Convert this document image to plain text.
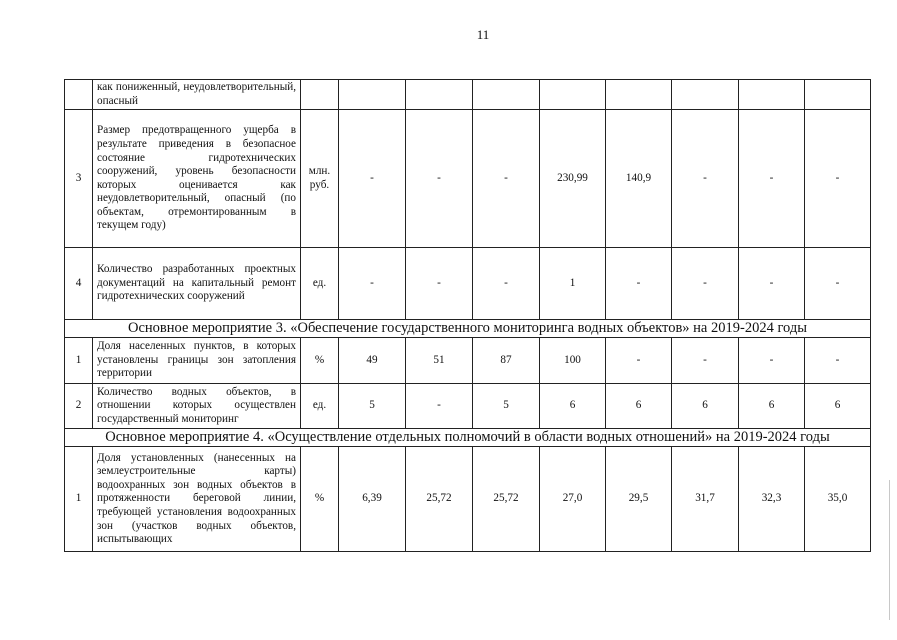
11
	как пониженный, неудовлетворительный, опасный									
3	Размер предотвращенного ущерба в результате приведения в безопасное состояние гидротехнических сооружений, уровень безопасности которых оценивается как неудовлетворительный, опасный (по объектам, отремонтированным в текущем году)	млн. руб.	-	-	-	230,99	140,9	-	-	-
4	Количество разработанных проектных документаций на капитальный ремонт гидротехнических сооружений	ед.	-	-	-	1	-	-	-	-
Основное мероприятие 3. «Обеспечение государственного мониторинга водных объектов» на 2019-2024 годы										
1	Доля населенных пунктов, в которых установлены границы зон затопления территории	%	49	51	87	100	-	-	-	-
2	Количество водных объектов, в отношении которых осуществлен государственный мониторинг	ед.	5	-	5	6	6	6	6	6
Основное мероприятие 4. «Осуществление отдельных полномочий в области водных отношений» на 2019-2024 годы										
1	Доля установленных (нанесенных на землеустроительные карты) водоохранных зон водных объектов в протяженности береговой линии, требующей установления водоохранных зон (участков водных объектов, испытывающих	%	6,39	25,72	25,72	27,0	29,5	31,7	32,3	35,0
